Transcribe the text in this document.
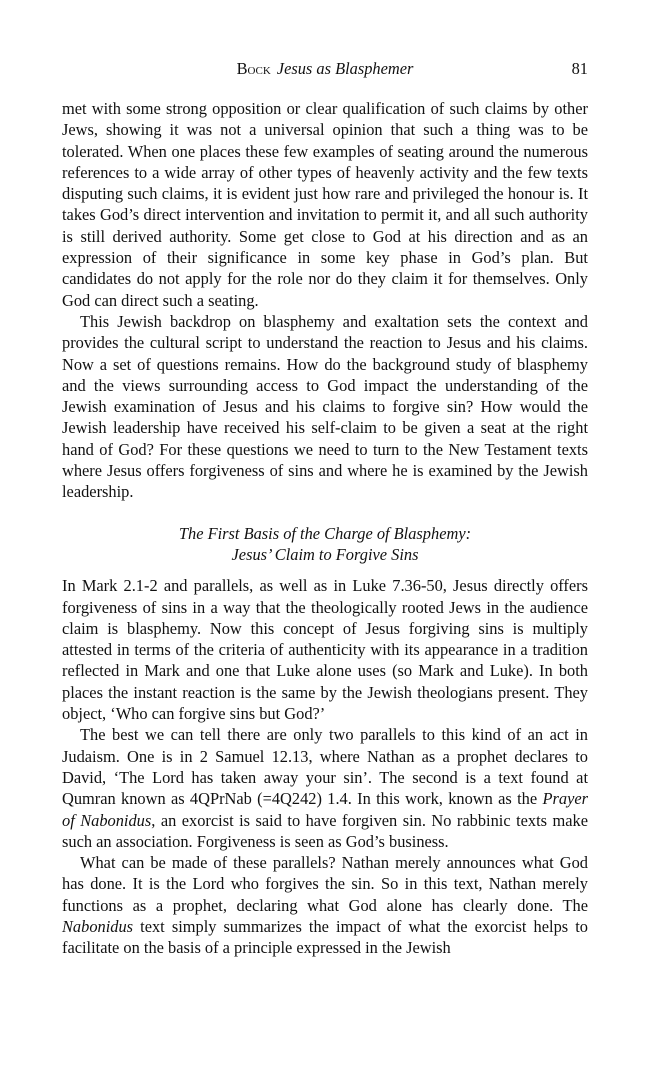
Bock Jesus as Blasphemer	81

met with some strong opposition or clear qualification of such claims by other Jews, showing it was not a universal opinion that such a thing was to be tolerated. When one places these few examples of seating around the numerous references to a wide array of other types of heavenly activity and the few texts disputing such claims, it is evident just how rare and privileged the honour is. It takes God’s direct intervention and invitation to permit it, and all such authority is still derived authority. Some get close to God at his direction and as an expression of their significance in some key phase in God’s plan. But candidates do not apply for the role nor do they claim it for themselves. Only God can direct such a seating.

This Jewish backdrop on blasphemy and exaltation sets the context and provides the cultural script to understand the reaction to Jesus and his claims. Now a set of questions remains. How do the background study of blasphemy and the views surrounding access to God impact the understanding of the Jewish examination of Jesus and his claims to forgive sin? How would the Jewish leadership have received his self-claim to be given a seat at the right hand of God? For these questions we need to turn to the New Testament texts where Jesus offers forgiveness of sins and where he is examined by the Jewish leadership.

The First Basis of the Charge of Blasphemy:
Jesus’ Claim to Forgive Sins

In Mark 2.1-2 and parallels, as well as in Luke 7.36-50, Jesus directly offers forgiveness of sins in a way that the theologically rooted Jews in the audience claim is blasphemy. Now this concept of Jesus forgiving sins is multiply attested in terms of the criteria of authenticity with its appearance in a tradition reflected in Mark and one that Luke alone uses (so Mark and Luke). In both places the instant reaction is the same by the Jewish theologians present. They object, ‘Who can forgive sins but God?’

The best we can tell there are only two parallels to this kind of an act in Judaism. One is in 2 Samuel 12.13, where Nathan as a prophet declares to David, ‘The Lord has taken away your sin’. The second is a text found at Qumran known as 4QPrNab (=4Q242) 1.4. In this work, known as the Prayer of Nabonidus, an exorcist is said to have forgiven sin. No rabbinic texts make such an association. Forgiveness is seen as God’s business.

What can be made of these parallels? Nathan merely announces what God has done. It is the Lord who forgives the sin. So in this text, Nathan merely functions as a prophet, declaring what God alone has clearly done. The Nabonidus text simply summarizes the impact of what the exorcist helps to facilitate on the basis of a principle expressed in the Jewish
